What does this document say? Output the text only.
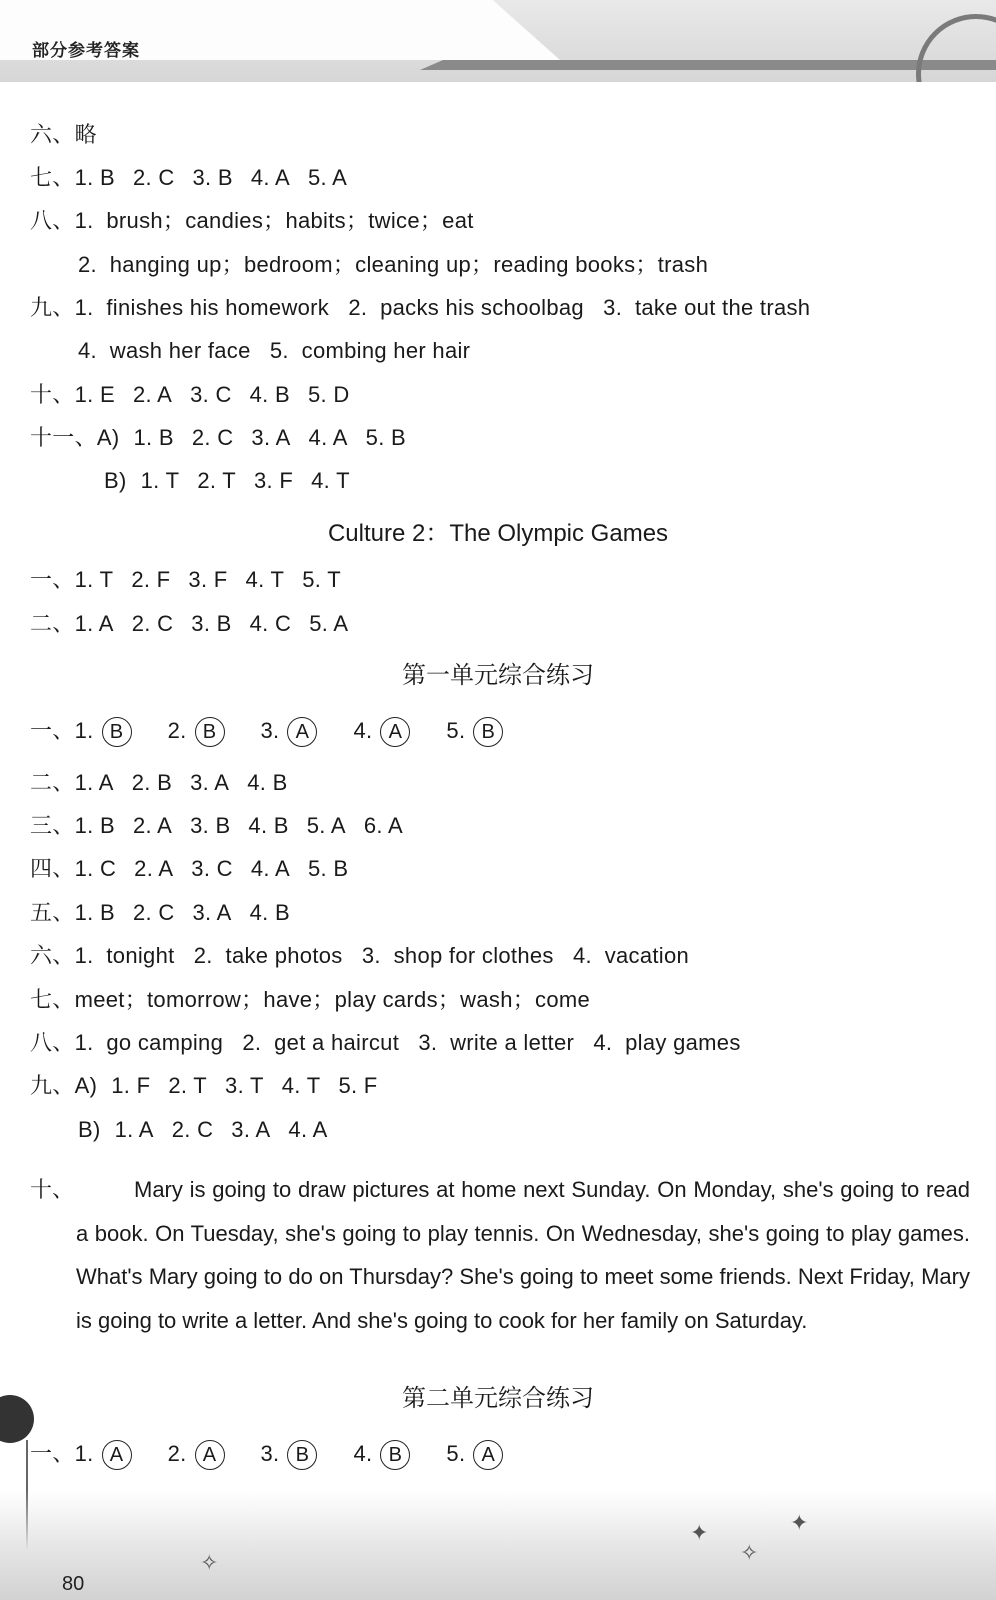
部分参考答案
六、略
七、1. B 2. C 3. B 4. A 5. A
八、1.  brush；candies；habits；twice；eat
2.  hanging up；bedroom；cleaning up；reading books；trash
九、1.  finishes his homework   2.  packs his schoolbag   3.  take out the trash
4.  wash her face   5.  combing her hair
十、1. E 2. A 3. C 4. B 5. D
十一、A) 1. B 2. C 3. A 4. A 5. B
B) 1. T 2. T 3. F 4. T
Culture 2：The Olympic Games
一、1. T 2. F 3. F 4. T 5. T
二、1. A 2. C 3. B 4. C 5. A
第一单元综合练习
一、1. B 2. B 3. A 4. A 5. B
二、1. A 2. B 3. A 4. B
三、1. B 2. A 3. B 4. B 5. A 6. A
四、1. C 2. A 3. C 4. A 5. B
五、1. B 2. C 3. A 4. B
六、1.  tonight   2.  take photos   3.  shop for clothes   4.  vacation
七、meet；tomorrow；have；play cards；wash；come
八、1.  go camping   2.  get a haircut   3.  write a letter   4.  play games
九、A) 1. F 2. T 3. T 4. T 5. F
B) 1. A 2. C 3. A 4. A
十、	Mary is going to draw pictures at home next Sunday. On Monday, she's going to read a book. On Tuesday, she's going to play tennis. On Wednesday, she's going to play games. What's Mary going to do on Thursday? She's going to meet some friends. Next Friday, Mary is going to write a letter. And she's going to cook for her family on Saturday.
第二单元综合练习
一、1. A 2. A 3. B 4. B 5. A
✦
✧
✦
✧
80
